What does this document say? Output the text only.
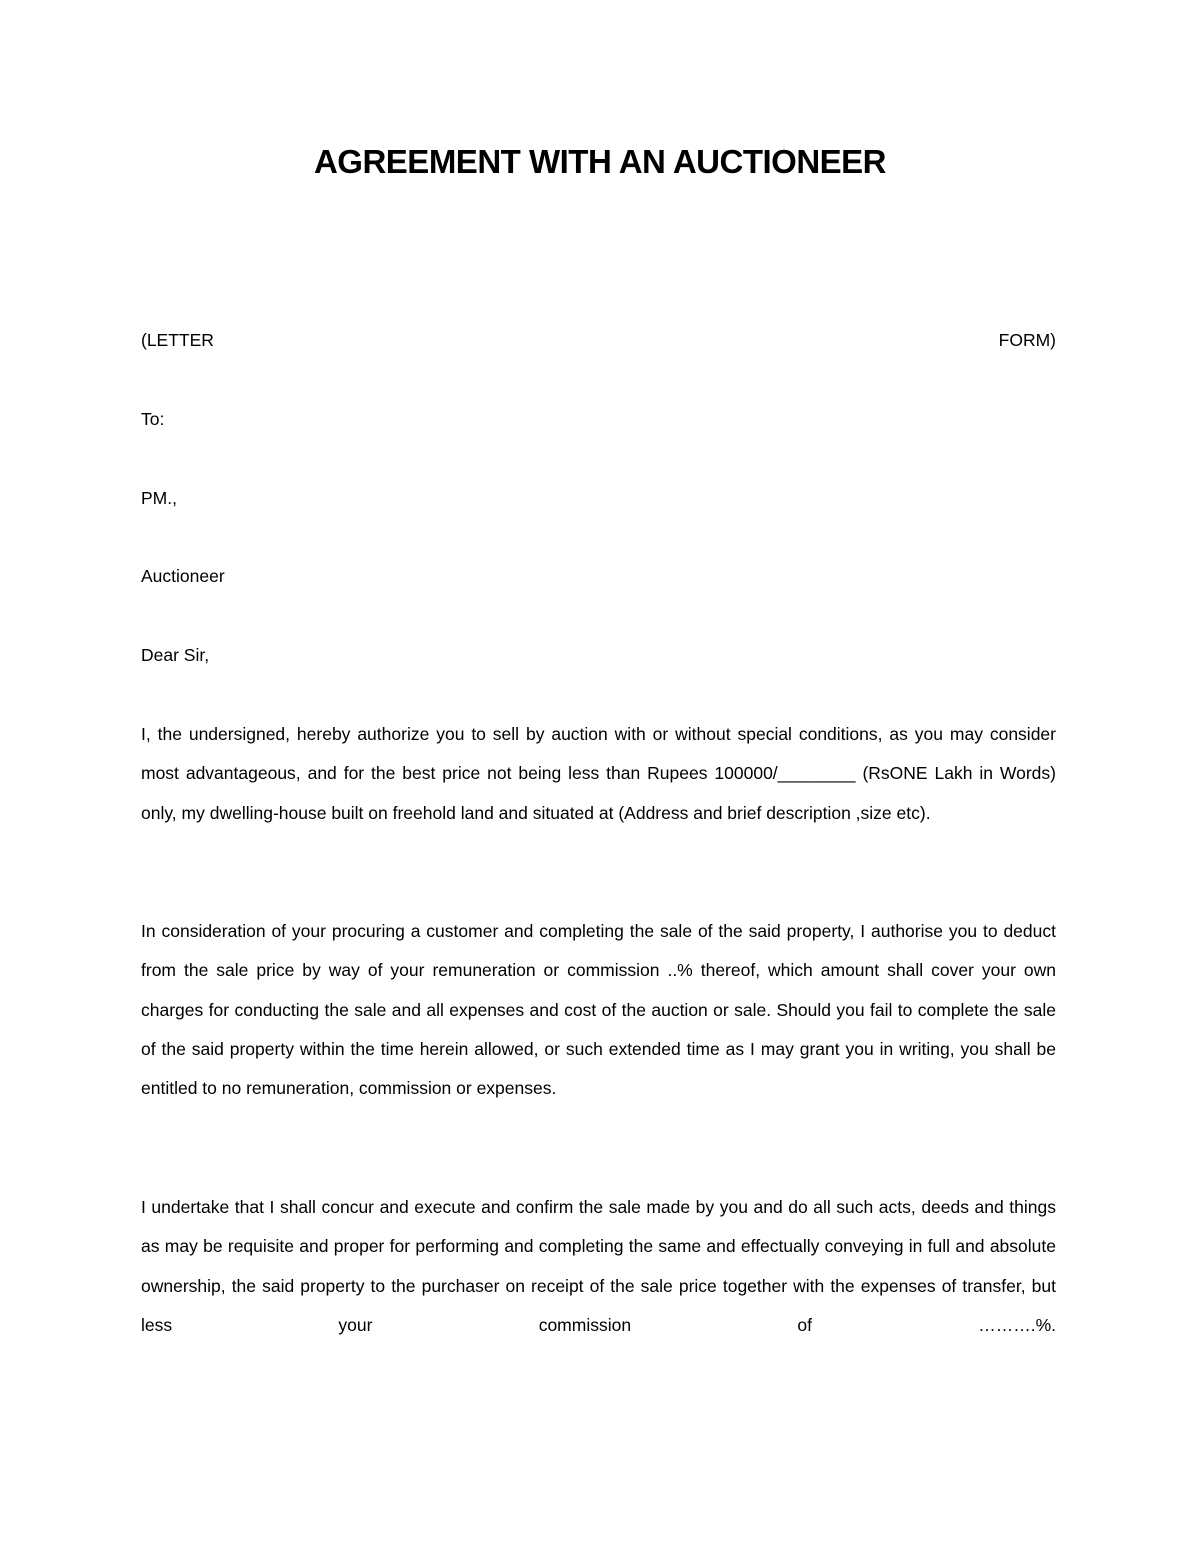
AGREEMENT WITH AN AUCTIONEER
(LETTER	FORM)
To:
PM.,
Auctioneer
Dear Sir,
I, the undersigned, hereby authorize you to sell by auction with or without special conditions, as you may consider most advantageous, and for the best price not being less than Rupees 100000/________ (RsONE Lakh in Words) only, my dwelling-house built on freehold land and situated at (Address and brief description ,size etc).
In consideration of your procuring a customer and completing the sale of the said property, I authorise you to deduct from the sale price by way of your remuneration or commission ..% thereof, which amount shall cover your own charges for conducting the sale and all expenses and cost of the auction or sale. Should you fail to complete the sale of the said property within the time herein allowed, or such extended time as I may grant you in writing, you shall be entitled to no remuneration, commission or expenses.
I undertake that I shall concur and execute and confirm the sale made by you and do all such acts, deeds and things as may be requisite and proper for performing and completing the same and effectually conveying in full and absolute ownership, the said property to the purchaser on receipt of the sale price together with the expenses of transfer, but less your commission of ……….%.
